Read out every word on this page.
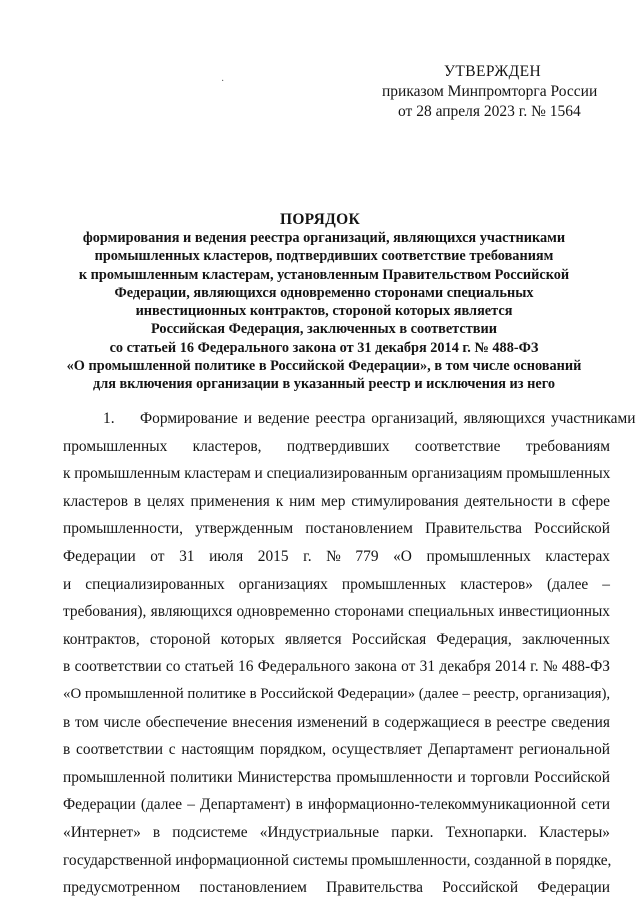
УТВЕРЖДЕН
приказом Минпромторга России
от 28 апреля 2023 г. № 1564
·
ПОРЯДОК
формирования и ведения реестра организаций, являющихся участниками
промышленных кластеров, подтвердивших соответствие требованиям
к промышленным кластерам, установленным Правительством Российской
Федерации, являющихся одновременно сторонами специальных
инвестиционных контрактов, стороной которых является
Российская Федерация, заключенных в соответствии
со статьей 16 Федерального закона от 31 декабря 2014 г. № 488-ФЗ
«О промышленной политике в Российской Федерации», в том числе оснований
для включения организации в указанный реестр и исключения из него
1. Формирование и ведение реестра организаций, являющихся участниками
промышленных кластеров, подтвердивших соответствие требованиям
к промышленным кластерам и специализированным организациям промышленных
кластеров в целях применения к ним мер стимулирования деятельности в сфере
промышленности, утвержденным постановлением Правительства Российской
Федерации от 31 июля 2015 г. № 779 «О промышленных кластерах
и специализированных организациях промышленных кластеров» (далее –
требования), являющихся одновременно сторонами специальных инвестиционных
контрактов, стороной которых является Российская Федерация, заключенных
в соответствии со статьей 16 Федерального закона от 31 декабря 2014 г. № 488-ФЗ
«О промышленной политике в Российской Федерации» (далее – реестр, организация),
в том числе обеспечение внесения изменений в содержащиеся в реестре сведения
в соответствии с настоящим порядком, осуществляет Департамент региональной
промышленной политики Министерства промышленности и торговли Российской
Федерации (далее – Департамент) в информационно-телекоммуникационной сети
«Интернет» в подсистеме «Индустриальные парки. Технопарки. Кластеры»
государственной информационной системы промышленности, созданной в порядке,
предусмотренном постановлением Правительства Российской Федерации
